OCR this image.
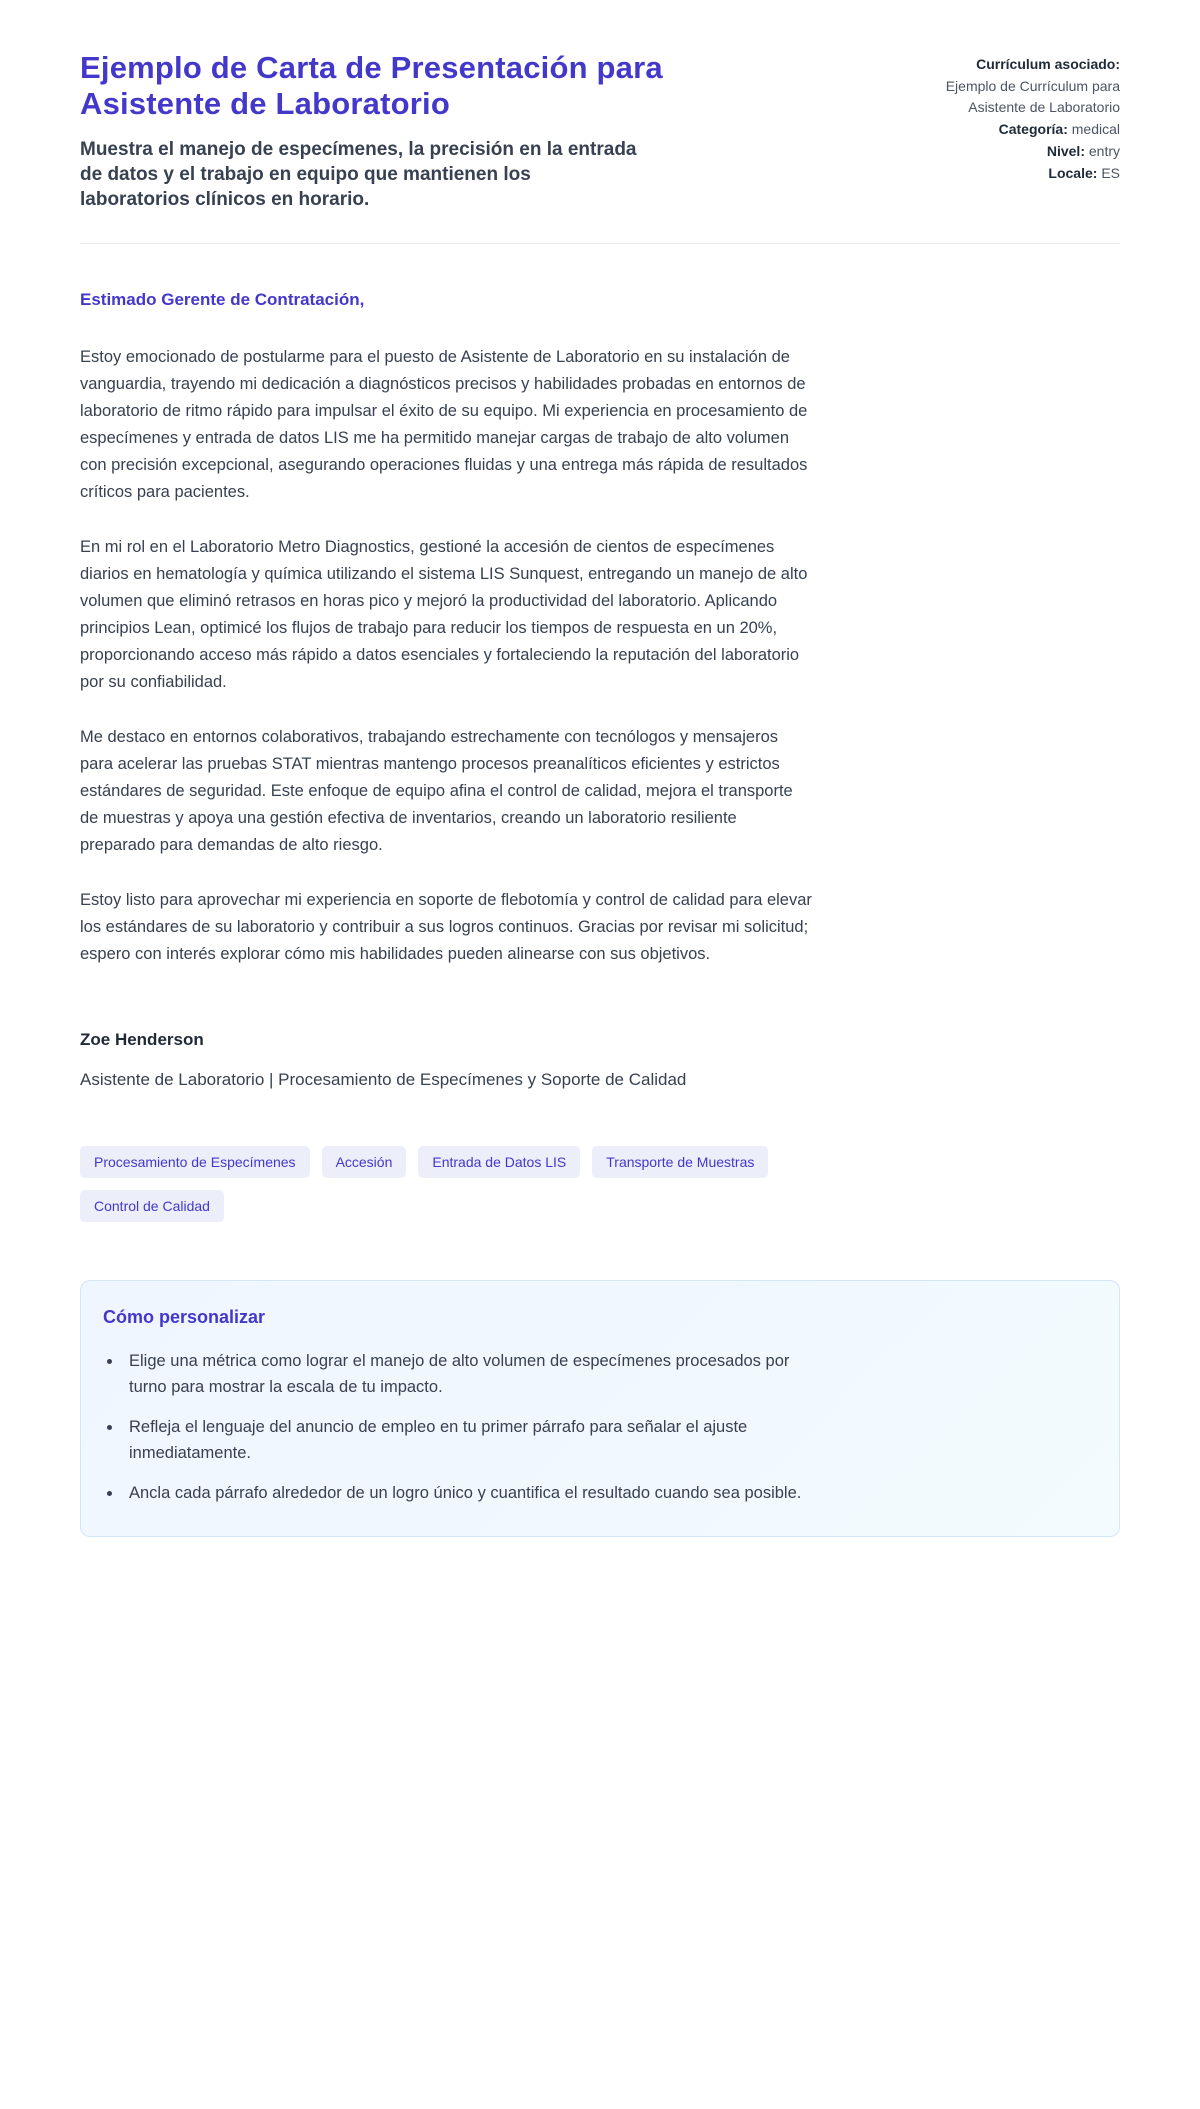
Ejemplo de Carta de Presentación para Asistente de Laboratorio

Muestra el manejo de especímenes, la precisión en la entrada de datos y el trabajo en equipo que mantienen los laboratorios clínicos en horario.

Currículum asociado:
Ejemplo de Currículum para Asistente de Laboratorio
Categoría: medical
Nivel: entry
Locale: ES

Estimado Gerente de Contratación,

Estoy emocionado de postularme para el puesto de Asistente de Laboratorio en su instalación de vanguardia, trayendo mi dedicación a diagnósticos precisos y habilidades probadas en entornos de laboratorio de ritmo rápido para impulsar el éxito de su equipo. Mi experiencia en procesamiento de especímenes y entrada de datos LIS me ha permitido manejar cargas de trabajo de alto volumen con precisión excepcional, asegurando operaciones fluidas y una entrega más rápida de resultados críticos para pacientes.

En mi rol en el Laboratorio Metro Diagnostics, gestioné la accesión de cientos de especímenes diarios en hematología y química utilizando el sistema LIS Sunquest, entregando un manejo de alto volumen que eliminó retrasos en horas pico y mejoró la productividad del laboratorio. Aplicando principios Lean, optimicé los flujos de trabajo para reducir los tiempos de respuesta en un 20%, proporcionando acceso más rápido a datos esenciales y fortaleciendo la reputación del laboratorio por su confiabilidad.

Me destaco en entornos colaborativos, trabajando estrechamente con tecnólogos y mensajeros para acelerar las pruebas STAT mientras mantengo procesos preanalíticos eficientes y estrictos estándares de seguridad. Este enfoque de equipo afina el control de calidad, mejora el transporte de muestras y apoya una gestión efectiva de inventarios, creando un laboratorio resiliente preparado para demandas de alto riesgo.

Estoy listo para aprovechar mi experiencia en soporte de flebotomía y control de calidad para elevar los estándares de su laboratorio y contribuir a sus logros continuos. Gracias por revisar mi solicitud; espero con interés explorar cómo mis habilidades pueden alinearse con sus objetivos.

Zoe Henderson

Asistente de Laboratorio | Procesamiento de Especímenes y Soporte de Calidad

Procesamiento de Especímenes	Accesión	Entrada de Datos LIS	Transporte de Muestras
Control de Calidad
Cómo personalizar
• Elige una métrica como lograr el manejo de alto volumen de especímenes procesados por turno para mostrar la escala de tu impacto.
• Refleja el lenguaje del anuncio de empleo en tu primer párrafo para señalar el ajuste inmediatamente.
• Ancla cada párrafo alrededor de un logro único y cuantifica el resultado cuando sea posible.
